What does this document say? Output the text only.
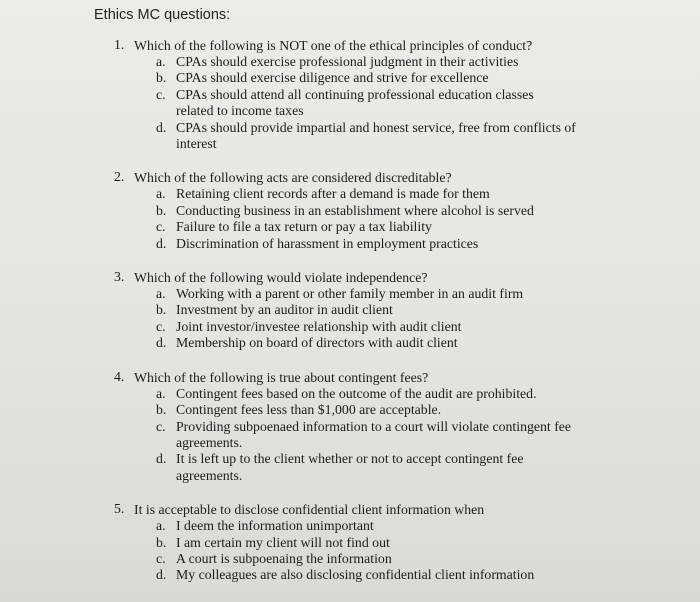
Ethics MC questions:
1. Which of the following is NOT one of the ethical principles of conduct?
a. CPAs should exercise professional judgment in their activities
b. CPAs should exercise diligence and strive for excellence
c. CPAs should attend all continuing professional education classes related to income taxes
d. CPAs should provide impartial and honest service, free from conflicts of interest
2. Which of the following acts are considered discreditable?
a. Retaining client records after a demand is made for them
b. Conducting business in an establishment where alcohol is served
c. Failure to file a tax return or pay a tax liability
d. Discrimination of harassment in employment practices
3. Which of the following would violate independence?
a. Working with a parent or other family member in an audit firm
b. Investment by an auditor in audit client
c. Joint investor/investee relationship with audit client
d. Membership on board of directors with audit client
4. Which of the following is true about contingent fees?
a. Contingent fees based on the outcome of the audit are prohibited.
b. Contingent fees less than $1,000 are acceptable.
c. Providing subpoenaed information to a court will violate contingent fee agreements.
d. It is left up to the client whether or not to accept contingent fee agreements.
5. It is acceptable to disclose confidential client information when
a. I deem the information unimportant
b. I am certain my client will not find out
c. A court is subpoenaing the information
d. My colleagues are also disclosing confidential client information
